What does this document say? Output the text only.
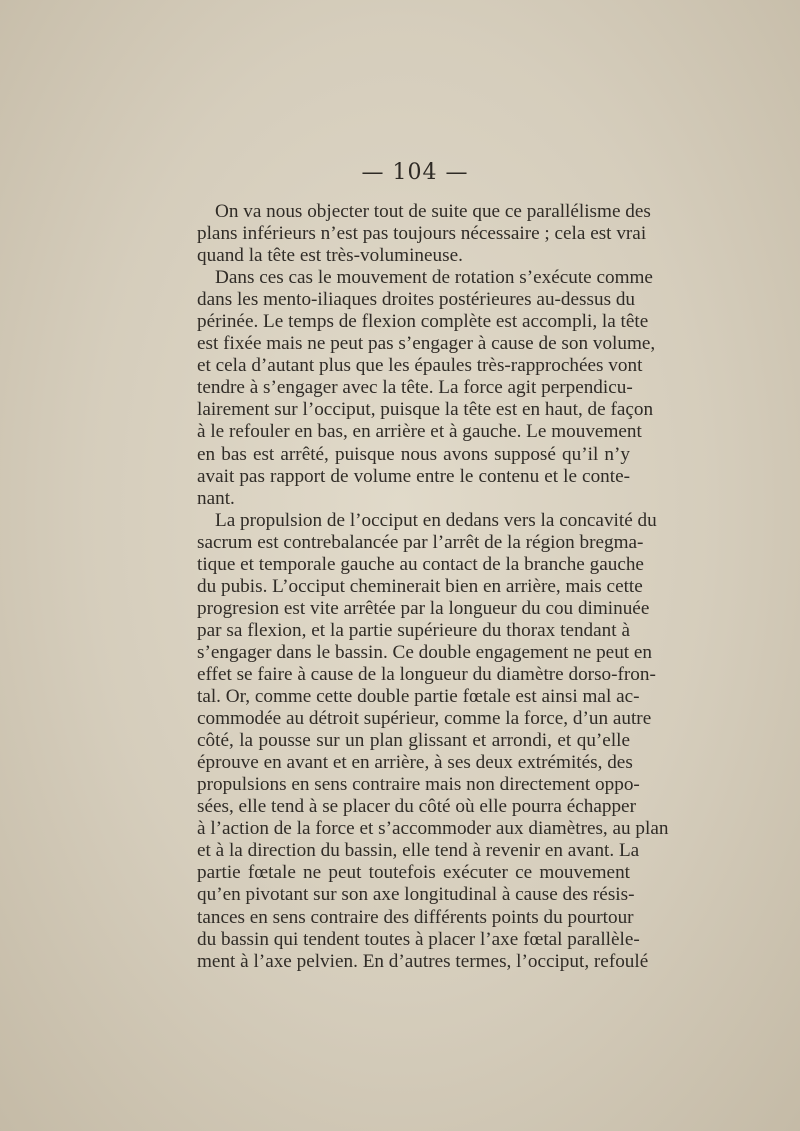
— 104 —
On va nous objecter tout de suite que ce parallélisme des
plans inférieurs n’est pas toujours nécessaire ; cela est vrai
quand la tête est très-volumineuse.
Dans ces cas le mouvement de rotation s’exécute comme
dans les mento-iliaques droites postérieures au-dessus du
périnée. Le temps de flexion complète est accompli, la tête
est fixée mais ne peut pas s’engager à cause de son volume,
et cela d’autant plus que les épaules très-rapprochées vont
tendre à s’engager avec la tête. La force agit perpendicu-
lairement sur l’occiput, puisque la tête est en haut, de façon
à le refouler en bas, en arrière et à gauche. Le mouvement
en bas est arrêté, puisque nous avons supposé qu’il n’y
avait pas rapport de volume entre le contenu et le conte-
nant.
La propulsion de l’occiput en dedans vers la concavité du
sacrum est contrebalancée par l’arrêt de la région bregma-
tique et temporale gauche au contact de la branche gauche
du pubis. L’occiput cheminerait bien en arrière, mais cette
progresion est vite arrêtée par la longueur du cou diminuée
par sa flexion, et la partie supérieure du thorax tendant à
s’engager dans le bassin. Ce double engagement ne peut en
effet se faire à cause de la longueur du diamètre dorso-fron-
tal. Or, comme cette double partie fœtale est ainsi mal ac-
commodée au détroit supérieur, comme la force, d’un autre
côté, la pousse sur un plan glissant et arrondi, et qu’elle
éprouve en avant et en arrière, à ses deux extrémités, des
propulsions en sens contraire mais non directement oppo-
sées, elle tend à se placer du côté où elle pourra échapper
à l’action de la force et s’accommoder aux diamètres, au plan
et à la direction du bassin, elle tend à revenir en avant. La
partie fœtale ne peut toutefois exécuter ce mouvement
qu’en pivotant sur son axe longitudinal à cause des résis-
tances en sens contraire des différents points du pourtour
du bassin qui tendent toutes à placer l’axe fœtal parallèle-
ment à l’axe pelvien. En d’autres termes, l’occiput, refoulé
